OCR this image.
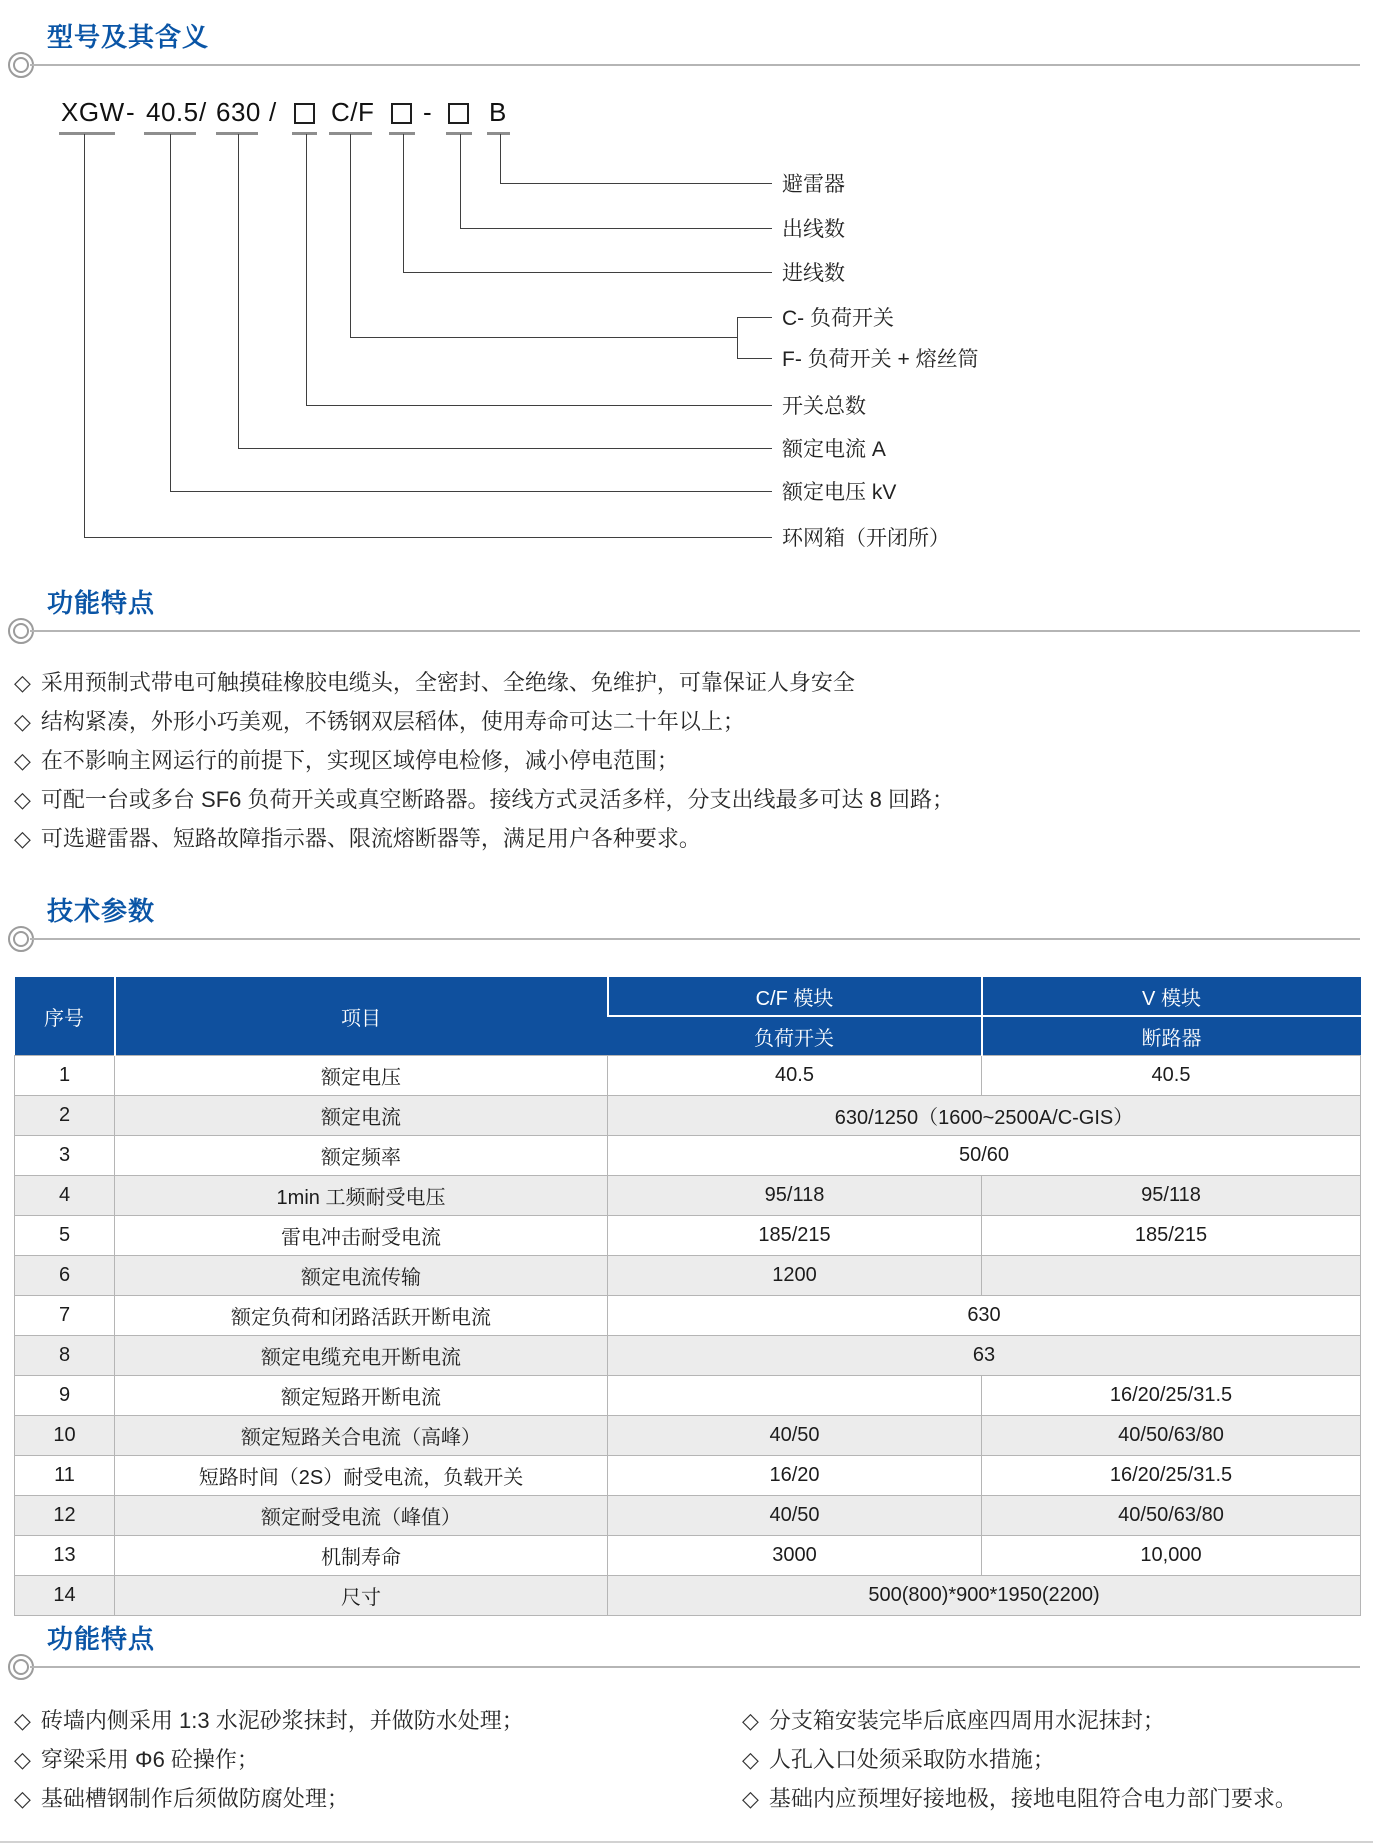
型号及其含义
XGW - 40.5 / 630 / C/F - B
避雷器
出线数
进线数
C- 负荷开关
F- 负荷开关 + 熔丝筒
开关总数
额定电流 A
额定电压 kV
环网箱（开闭所）
功能特点
◇ 采用预制式带电可触摸硅橡胶电缆头，全密封、全绝缘、免维护，可靠保证人身安全
◇ 结构紧凑，外形小巧美观，不锈钢双层稻体，使用寿命可达二十年以上；
◇ 在不影响主网运行的前提下，实现区域停电检修，减小停电范围；
◇ 可配一台或多台 SF6 负荷开关或真空断路器。接线方式灵活多样，分支出线最多可达 8 回路；
◇ 可选避雷器、短路故障指示器、限流熔断器等，满足用户各种要求。
技术参数
序号	项目	C/F 模块	V 模块
		负荷开关	断路器
1	额定电压	40.5	40.5
2	额定电流	630/1250（1600~2500A/C-GIS）	
3	额定频率	50/60	
4	1min 工频耐受电压	95/118	95/118
5	雷电冲击耐受电流	185/215	185/215
6	额定电流传输	1200	
7	额定负荷和闭路活跃开断电流	630	
8	额定电缆充电开断电流	63	
9	额定短路开断电流		16/20/25/31.5
10	额定短路关合电流（高峰）	40/50	40/50/63/80
11	短路时间（2S）耐受电流，负载开关	16/20	16/20/25/31.5
12	额定耐受电流（峰值）	40/50	40/50/63/80
13	机制寿命	3000	10,000
14	尺寸	500(800)*900*1950(2200)	
功能特点
◇ 砖墙内侧采用 1:3 水泥砂浆抹封，并做防水处理；
◇ 穿梁采用 Φ6 砼操作；
◇ 基础槽钢制作后须做防腐处理；
◇ 分支箱安装完毕后底座四周用水泥抹封；
◇ 人孔入口处须采取防水措施；
◇ 基础内应预埋好接地极，接地电阻符合电力部门要求。
